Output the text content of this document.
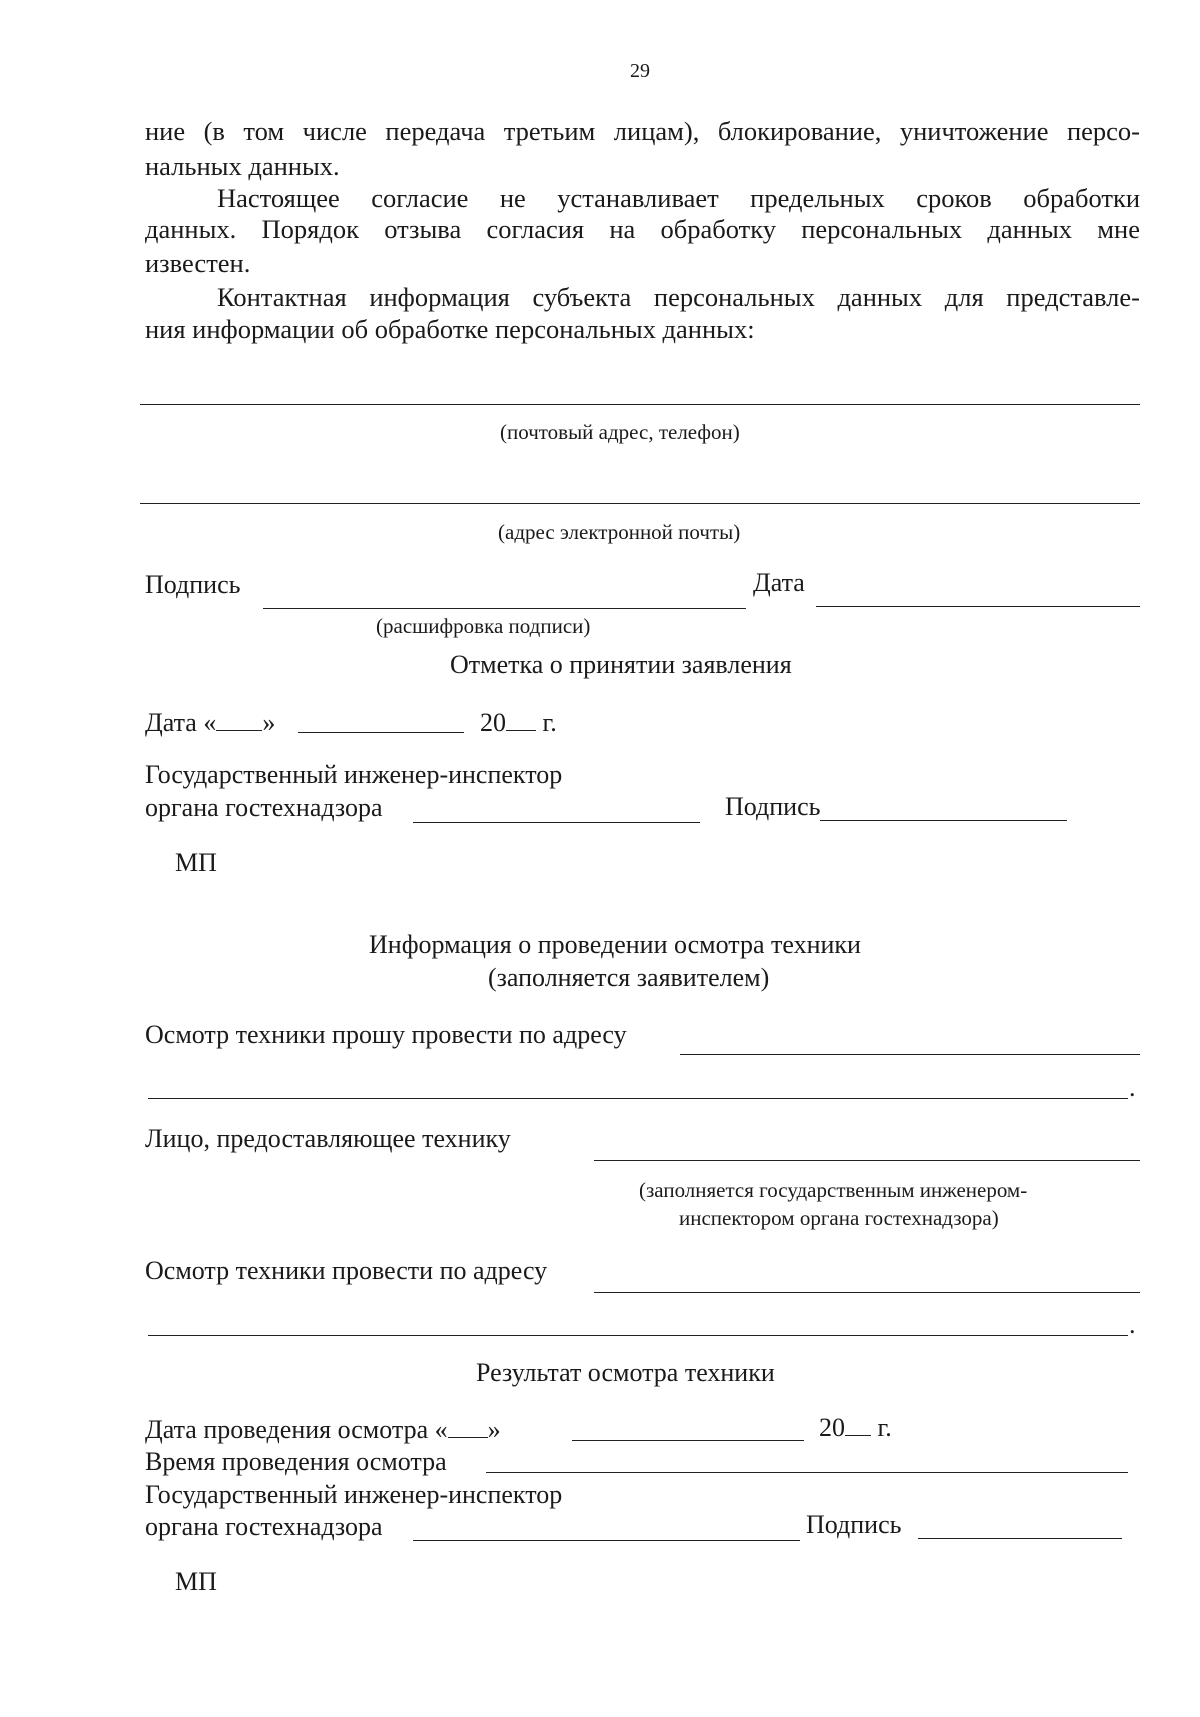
29
ние (в том числе передача третьим лицам), блокирование, уничтожение персо-
нальных данных.
Настоящее согласие не устанавливает предельных сроков обработки
данных. Порядок отзыва согласия на обработку персональных данных мне
известен.
Контактная информация субъекта персональных данных для представле-
ния информации об обработке персональных данных:
(почтовый адрес, телефон)
(адрес электронной почты)
Подпись	Дата
(расшифровка подписи)
Отметка о принятии заявления
Дата « »	20 г.
Государственный инженер-инспектор
органа гостехнадзора	Подпись
МП
Информация о проведении осмотра техники
(заполняется заявителем)
Осмотр техники прошу провести по адресу
.
Лицо, предоставляющее технику
(заполняется государственным инженером-
инспектором органа гостехнадзора)
Осмотр техники провести по адресу
.
Результат осмотра техники
Дата проведения осмотра « »	20 г.
Время проведения осмотра
Государственный инженер-инспектор
органа гостехнадзора	Подпись
МП
